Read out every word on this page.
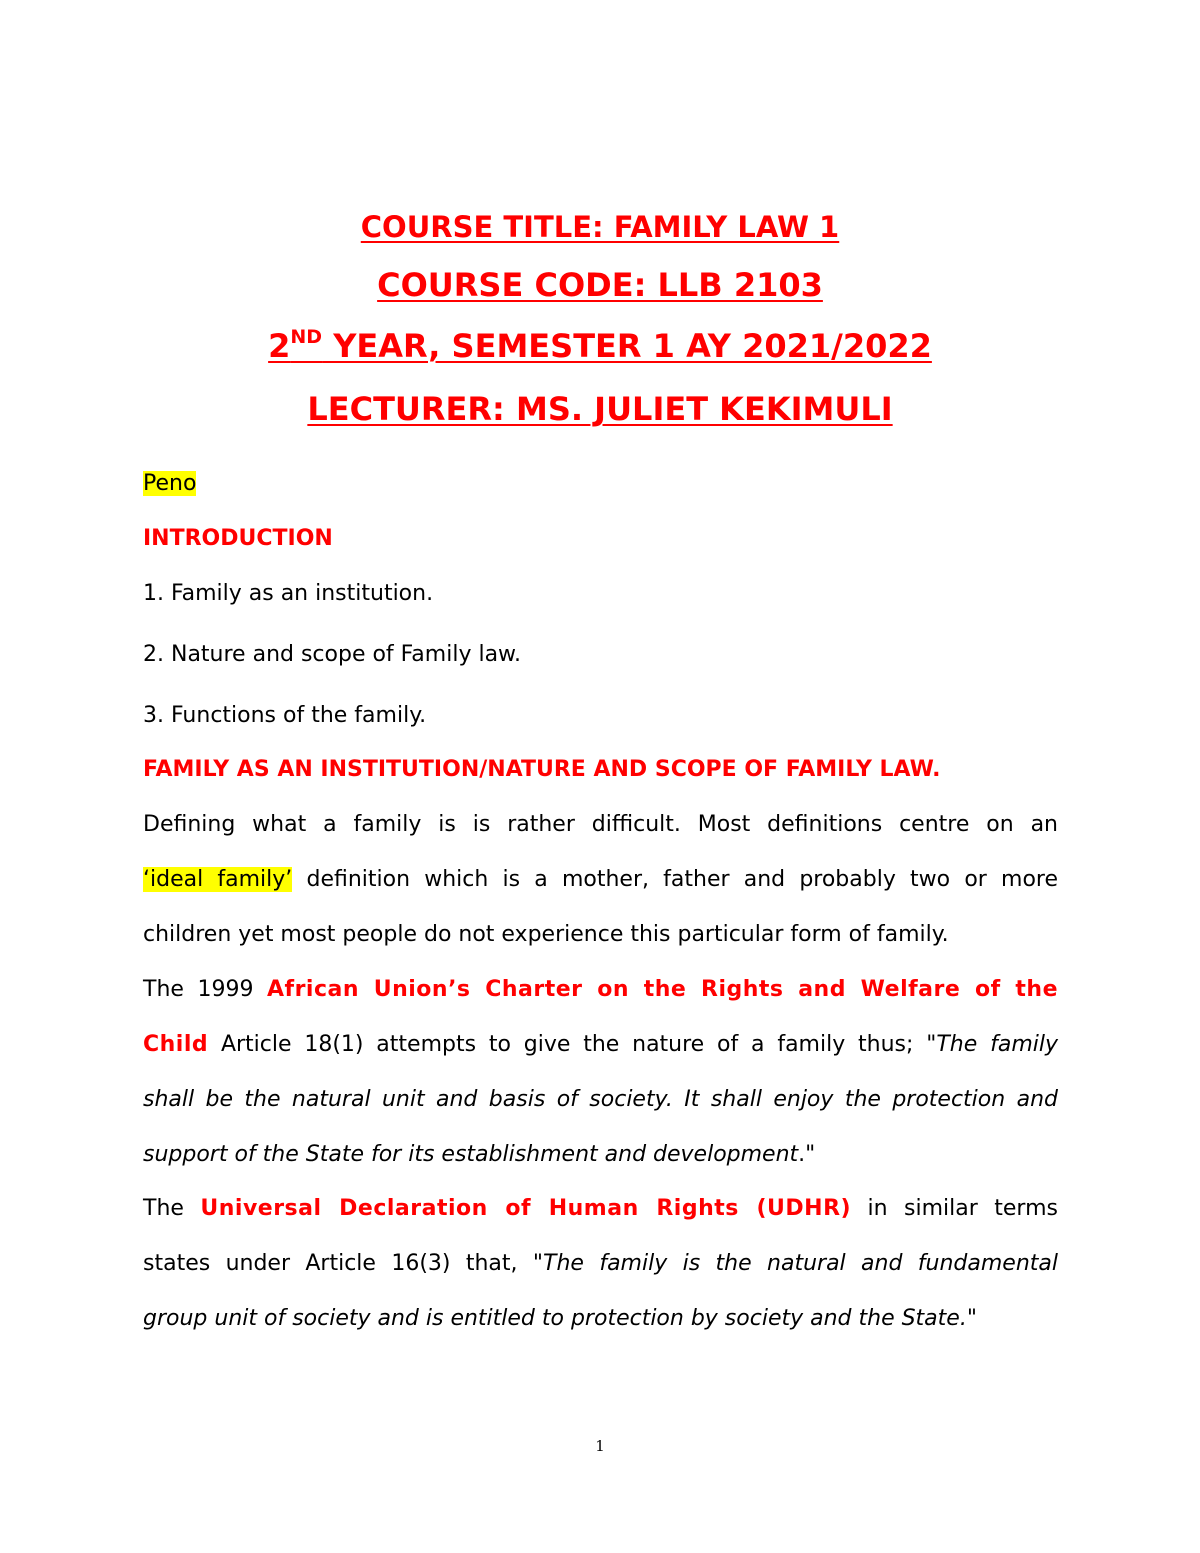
COURSE TITLE: FAMILY LAW 1
COURSE CODE: LLB 2103
2ND YEAR, SEMESTER 1 AY 2021/2022
LECTURER: MS. JULIET KEKIMULI
Peno
INTRODUCTION
1. Family as an institution.
2. Nature and scope of Family law.
3. Functions of the family.
FAMILY AS AN INSTITUTION/NATURE AND SCOPE OF FAMILY LAW.
Defining what a family is is rather difficult. Most definitions centre on an
‘ideal family’ definition which is a mother, father and probably two or more
children yet most people do not experience this particular form of family.
The 1999 African Union’s Charter on the Rights and Welfare of the
Child Article 18(1) attempts to give the nature of a family thus; "The family
shall be the natural unit and basis of society. It shall enjoy the protection and
support of the State for its establishment and development."
The Universal Declaration of Human Rights (UDHR) in similar terms
states under Article 16(3) that, "The family is the natural and fundamental
group unit of society and is entitled to protection by society and the State."
1
